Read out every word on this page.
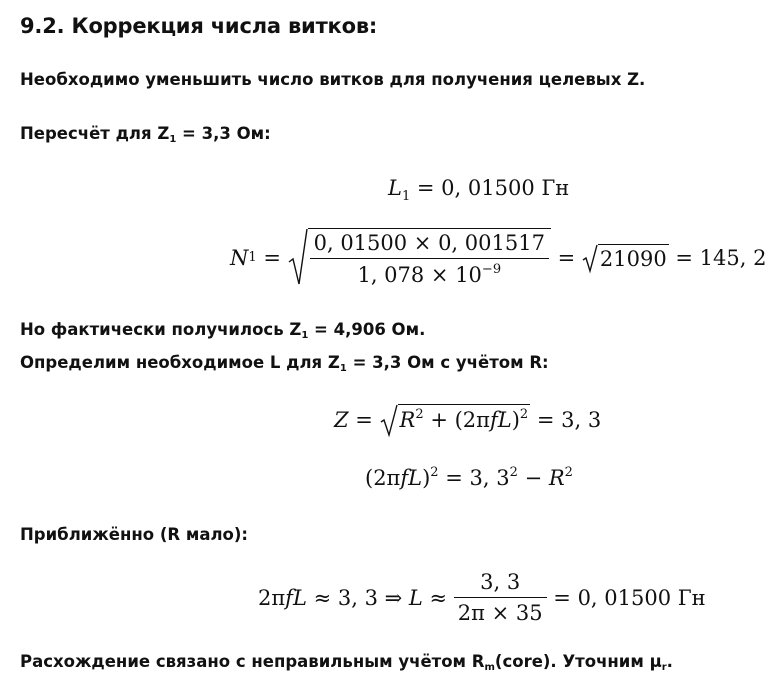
9.2. Коррекция числа витков:
Необходимо уменьшить число витков для получения целевых Z.
Пересчёт для $Z_1 = 3,3$ Ом:
$L_1 = 0$, 01500 Гн
N $1 = \frac{0, 01500 \times 0, 001517}{1, 078 \times 10^{-9}} = 21090 = 145$, 2
Но фактически получилось $Z_1 = 4,906$ Ом.
Определим необходимое L для $Z_1 = 3,3$ Ом с учётом R:
$Z = R^2 + (2\pi fL)^2 = 3$, 3
$(2\pi fL)^2 = 3$, $3^2 - R^2$
Приближённо (R мало):
2π f L ≈ 3, 3 ⇒ $L \approx \frac{3, 3}{2\pi \times 35} = 0$, 01500 Гн
Расхождение связано с неправильным учётом $R_m(core)$. Уточним $\mu_r$.
